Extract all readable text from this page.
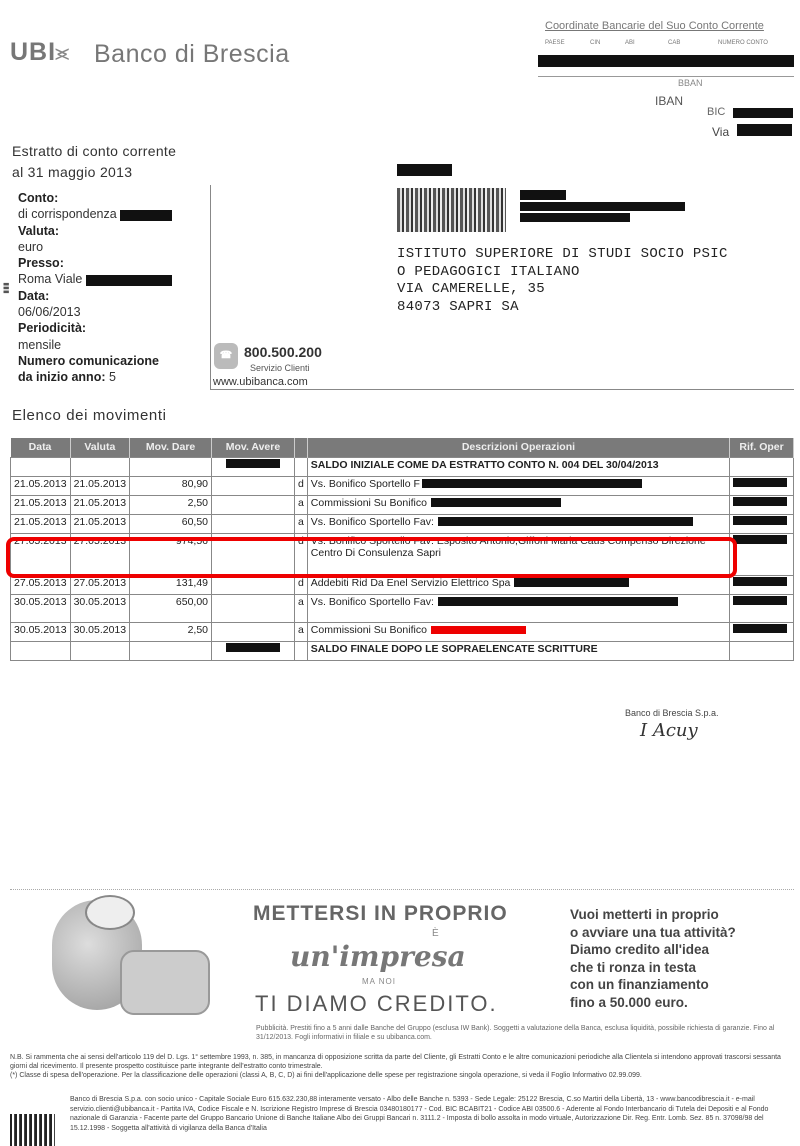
UBI
⪤ Banco di Brescia
Coordinate Bancarie del Suo Conto Corrente
PAESE	CIN	ABI	CAB	NUMERO CONTO
BBAN
IBAN
BIC
Via
Estratto di conto corrente
al 31 maggio 2013
▮▮▮
Conto:
di corrispondenza
Valuta:
euro
Presso:
Roma Viale
Data:
06/06/2013
Periodicità:
mensile
Numero comunicazione
da inizio anno: 5
☎ 800.500.200
Servizio Clienti
www.ubibanca.com
ISTITUTO SUPERIORE DI STUDI SOCIO PSIC
O PEDAGOGICI ITALIANO
VIA CAMERELLE, 35
84073 SAPRI SA
Elenco dei movimenti
Data	Valuta	Mov. Dare	Mov. Avere		Descrizioni Operazioni	Rif. Oper
					SALDO INIZIALE COME DA ESTRATTO CONTO N. 004 DEL 30/04/2013	
21.05.2013	21.05.2013	80,90		d	Vs. Bonifico Sportello F	
21.05.2013	21.05.2013	2,50		a	Commissioni Su Bonifico	
21.05.2013	21.05.2013	60,50		a	Vs. Bonifico Sportello Fav:	
27.05.2013	27.05.2013	974,56		d	Vs. Bonifico Sportello Fav: Esposito Antonio,Giffoni Maria Caus Compenso Direzione Centro Di Consulenza Sapri	
27.05.2013	27.05.2013	131,49		d	Addebiti Rid Da Enel Servizio Elettrico Spa	
30.05.2013	30.05.2013	650,00		a	Vs. Bonifico Sportello Fav:	
30.05.2013	30.05.2013	2,50		a	Commissioni Su Bonifico	
					SALDO FINALE DOPO LE SOPRAELENCATE SCRITTURE	
Banco di Brescia S.p.a.
I Acuy
METTERSI IN PROPRIO
È
un'impresa
MA NOI
TI DIAMO CREDITO.
Vuoi metterti in proprio
o avviare una tua attività?
Diamo credito all'idea
che ti ronza in testa
con un finanziamento
fino a 50.000 euro.
Pubblicità. Prestiti fino a 5 anni dalle Banche del Gruppo (esclusa IW Bank). Soggetti a valutazione della Banca, esclusa liquidità, possibile richiesta di garanzie. Fino al 31/12/2013. Fogli informativi in filiale e su ubibanca.com.
N.B. Si rammenta che ai sensi dell'articolo 119 del D. Lgs. 1° settembre 1993, n. 385, in mancanza di opposizione scritta da parte del Cliente, gli Estratti Conto e le altre comunicazioni periodiche alla Clientela si intendono approvati trascorsi sessanta giorni dal ricevimento. Il presente prospetto costituisce parte integrante dell'estratto conto trimestrale.
(*) Classe di spesa dell'operazione. Per la classificazione delle operazioni (classi A, B, C, D) ai fini dell'applicazione delle spese per registrazione singola operazione, si veda il Foglio Informativo 02.99.099.
Banco di Brescia S.p.a. con socio unico - Capitale Sociale Euro 615.632.230,88 interamente versato - Albo delle Banche n. 5393 - Sede Legale: 25122 Brescia, C.so Martiri della Libertà, 13 - www.bancodibrescia.it - e-mail servizio.clienti@ubibanca.it - Partita IVA, Codice Fiscale e N. Iscrizione Registro Imprese di Brescia 03480180177 - Cod. BIC BCABIT21 - Codice ABI 03500.6 - Aderente al Fondo Interbancario di Tutela dei Depositi e al Fondo nazionale di Garanzia - Facente parte del Gruppo Bancario Unione di Banche Italiane Albo dei Gruppi Bancari n. 3111.2 - Imposta di bollo assolta in modo virtuale, Autorizzazione Dir. Reg. Entr. Lomb. Sez. 85 n. 37098/98 del 15.12.1998 - Soggetta all'attività di vigilanza della Banca d'Italia
